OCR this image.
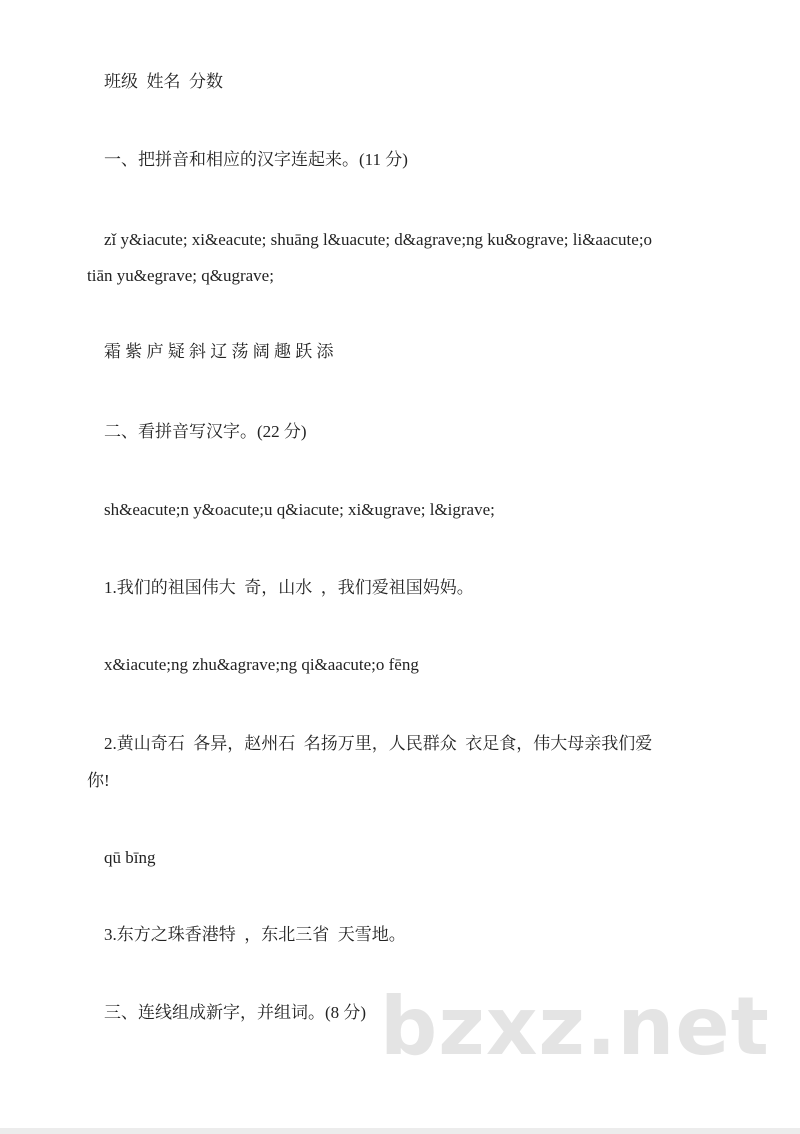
班级  姓名  分数
一、把拼音和相应的汉字连起来。(11 分)
zǐ y&iacute; xi&eacute; shuāng l&uacute; d&agrave;ng ku&ograve; li&aacute;o
tiān yu&egrave; q&ugrave;
霜 紫 庐 疑 斜 辽 荡 阔 趣 跃 添
二、看拼音写汉字。(22 分)
sh&eacute;n y&oacute;u q&iacute; xi&ugrave; l&igrave;
1.我们的祖国伟大  奇，山水  ，我们爱祖国妈妈。
x&iacute;ng zhu&agrave;ng qi&aacute;o fēng
2.黄山奇石  各异，赵州石  名扬万里，人民群众  衣足食，伟大母亲我们爱
你!
qū bīng
3.东方之珠香港特  ，东北三省  天雪地。
三、连线组成新字，并组词。(8 分) bzxz.net
